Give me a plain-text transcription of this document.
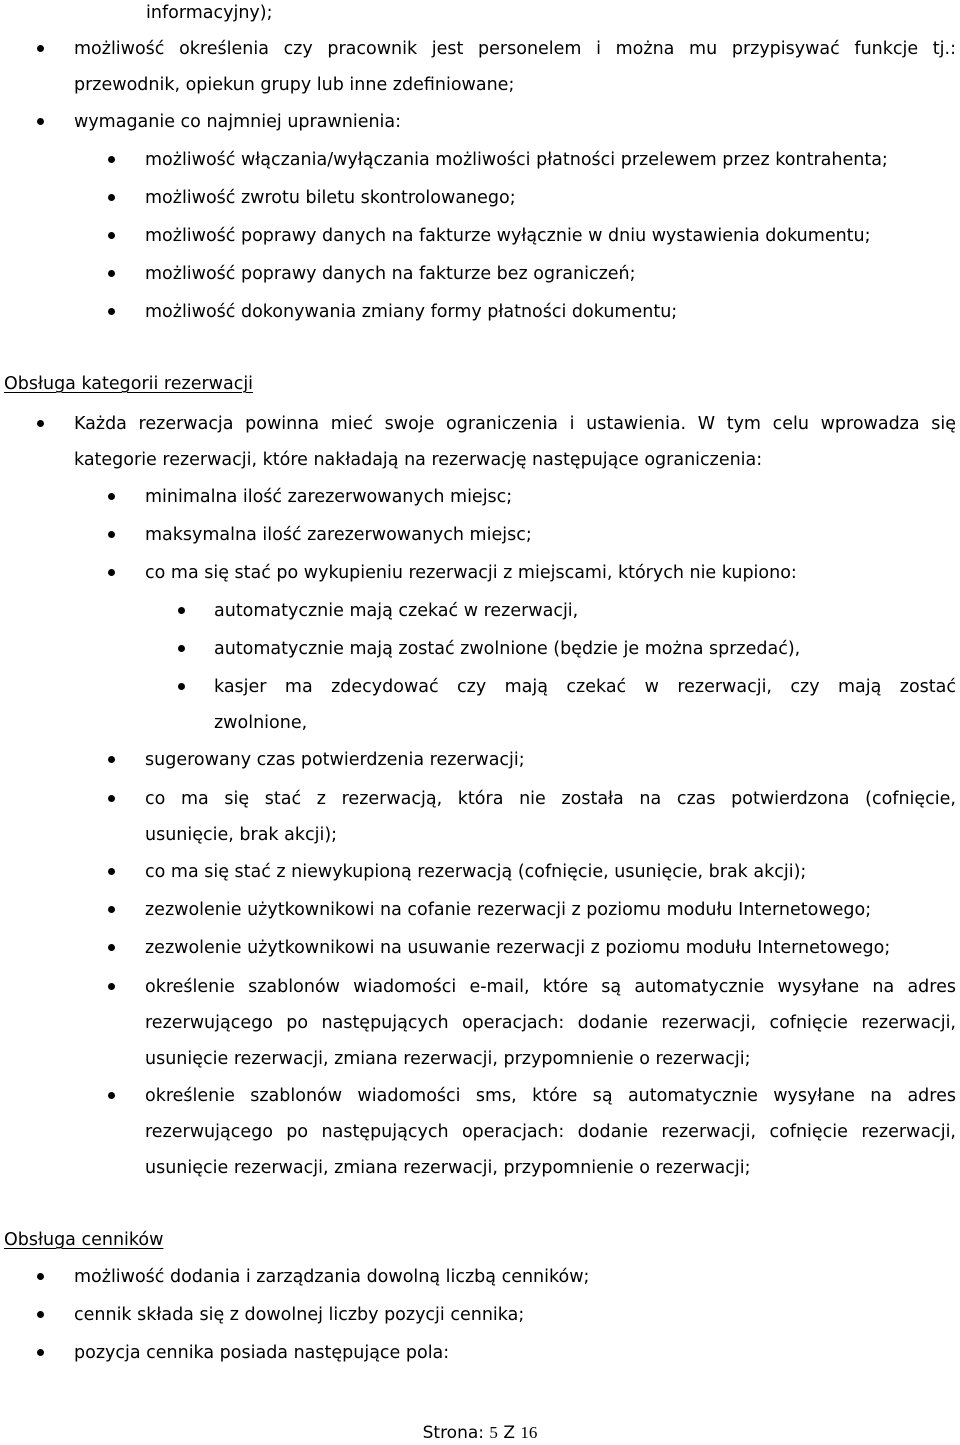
informacyjny);
możliwość określenia czy pracownik jest personelem i można mu przypisywać funkcje tj.:
przewodnik, opiekun grupy lub inne zdefiniowane;
wymaganie co najmniej uprawnienia:
możliwość włączania/wyłączania możliwości płatności przelewem przez kontrahenta;
możliwość zwrotu biletu skontrolowanego;
możliwość poprawy danych na fakturze wyłącznie w dniu wystawienia dokumentu;
możliwość poprawy danych na fakturze bez ograniczeń;
możliwość dokonywania zmiany formy płatności dokumentu;
Obsługa kategorii rezerwacji
Każda rezerwacja powinna mieć swoje ograniczenia i ustawienia. W tym celu wprowadza się
kategorie rezerwacji, które nakładają na rezerwację następujące ograniczenia:
minimalna ilość zarezerwowanych miejsc;
maksymalna ilość zarezerwowanych miejsc;
co ma się stać po wykupieniu rezerwacji z miejscami, których nie kupiono:
automatycznie mają czekać w rezerwacji,
automatycznie mają zostać zwolnione (będzie je można sprzedać),
kasjer ma zdecydować czy mają czekać w rezerwacji, czy mają zostać
zwolnione,
sugerowany czas potwierdzenia rezerwacji;
co ma się stać z rezerwacją, która nie została na czas potwierdzona (cofnięcie,
usunięcie, brak akcji);
co ma się stać z niewykupioną rezerwacją (cofnięcie, usunięcie, brak akcji);
zezwolenie użytkownikowi na cofanie rezerwacji z poziomu modułu Internetowego;
zezwolenie użytkownikowi na usuwanie rezerwacji z poziomu modułu Internetowego;
określenie szablonów wiadomości e-mail, które są automatycznie wysyłane na adres
rezerwującego po następujących operacjach: dodanie rezerwacji, cofnięcie rezerwacji,
usunięcie rezerwacji, zmiana rezerwacji, przypomnienie o rezerwacji;
określenie szablonów wiadomości sms, które są automatycznie wysyłane na adres
rezerwującego po następujących operacjach: dodanie rezerwacji, cofnięcie rezerwacji,
usunięcie rezerwacji, zmiana rezerwacji, przypomnienie o rezerwacji;
Obsługa cenników
możliwość dodania i zarządzania dowolną liczbą cenników;
cennik składa się z dowolnej liczby pozycji cennika;
pozycja cennika posiada następujące pola:
Strona: 5 Z 16
